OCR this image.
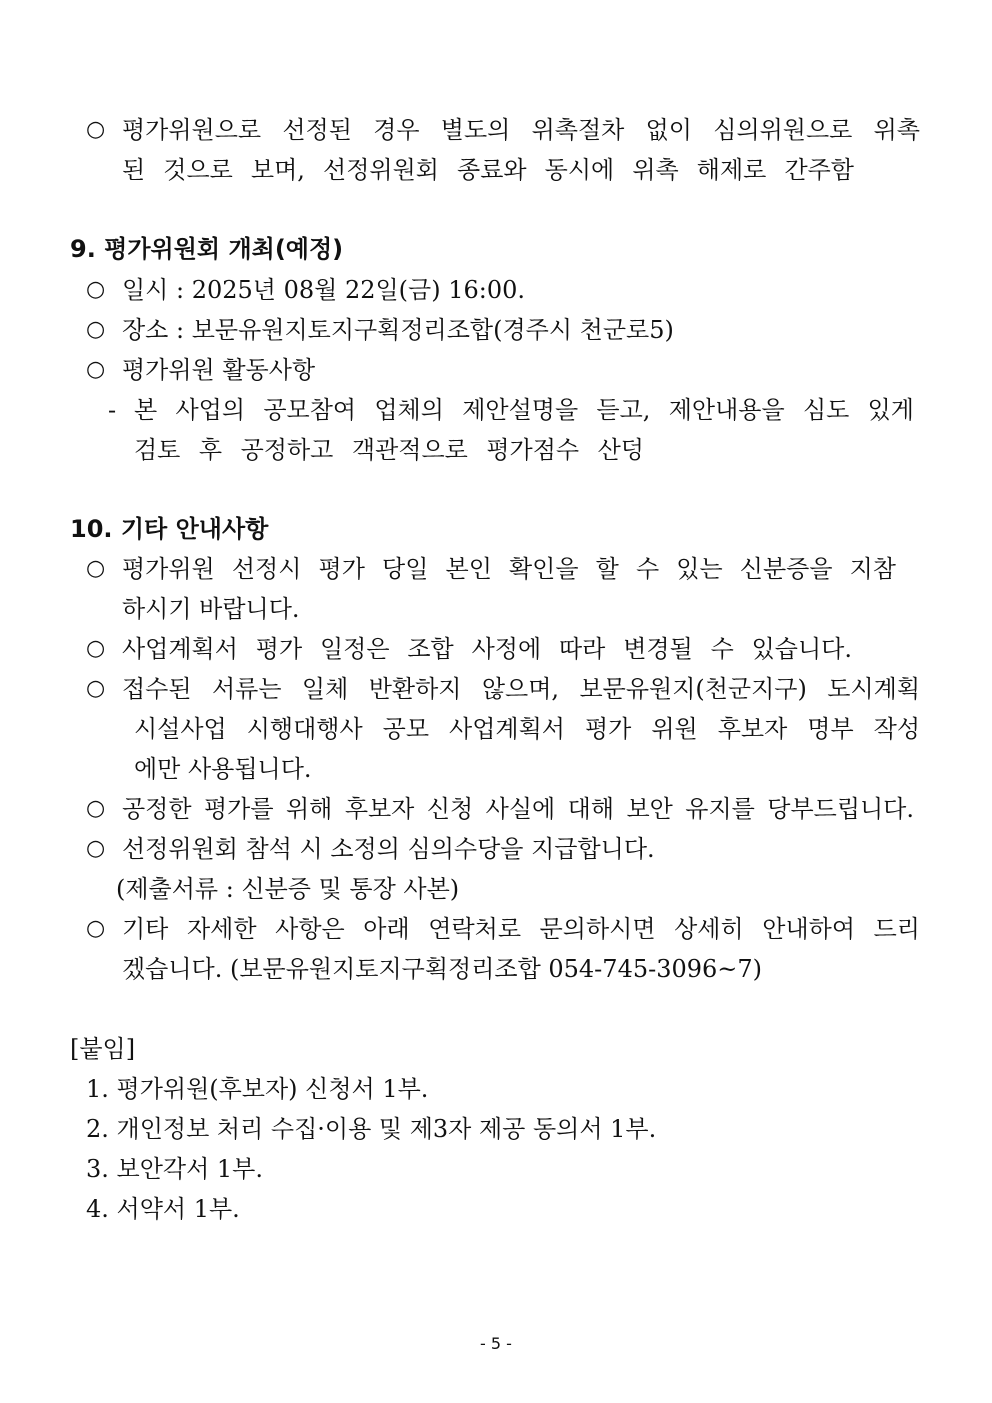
○ 평가위원으로 선정된 경우 별도의 위촉절차 없이 심의위원으로 위촉
된 것으로 보며, 선정위원회 종료와 동시에 위촉 해제로 간주함
9. 평가위원회 개최(예정)
○ 일시 : 2025년 08월 22일(금) 16:00.
○ 장소 : 보문유원지토지구획정리조합(경주시 천군로5)
○ 평가위원 활동사항
- 본 사업의 공모참여 업체의 제안설명을 듣고, 제안내용을 심도 있게
검토 후 공정하고 객관적으로 평가점수 산덩
10. 기타 안내사항
○ 평가위원 선정시 평가 당일 본인 확인을 할 수 있는 신분증을 지참
하시기 바랍니다.
○ 사업계획서 평가 일정은 조합 사정에 따라 변경될 수 있습니다.
○ 접수된 서류는 일체 반환하지 않으며, 보문유원지(천군지구) 도시계획
시설사업 시행대행사 공모 사업계획서 평가 위원 후보자 명부 작성
에만 사용됩니다.
○ 공정한 평가를 위해 후보자 신청 사실에 대해 보안 유지를 당부드립니다.
○ 선정위원회 참석 시 소정의 심의수당을 지급합니다.
(제출서류 : 신분증 및 통장 사본)
○ 기타 자세한 사항은 아래 연락처로 문의하시면 상세히 안내하여 드리
겠습니다. (보문유원지토지구획정리조합 054-745-3096~7)
[붙임]
1. 평가위원(후보자) 신청서 1부.
2. 개인정보 처리 수집·이용 및 제3자 제공 동의서 1부.
3. 보안각서 1부.
4. 서약서 1부.
- 5 -
